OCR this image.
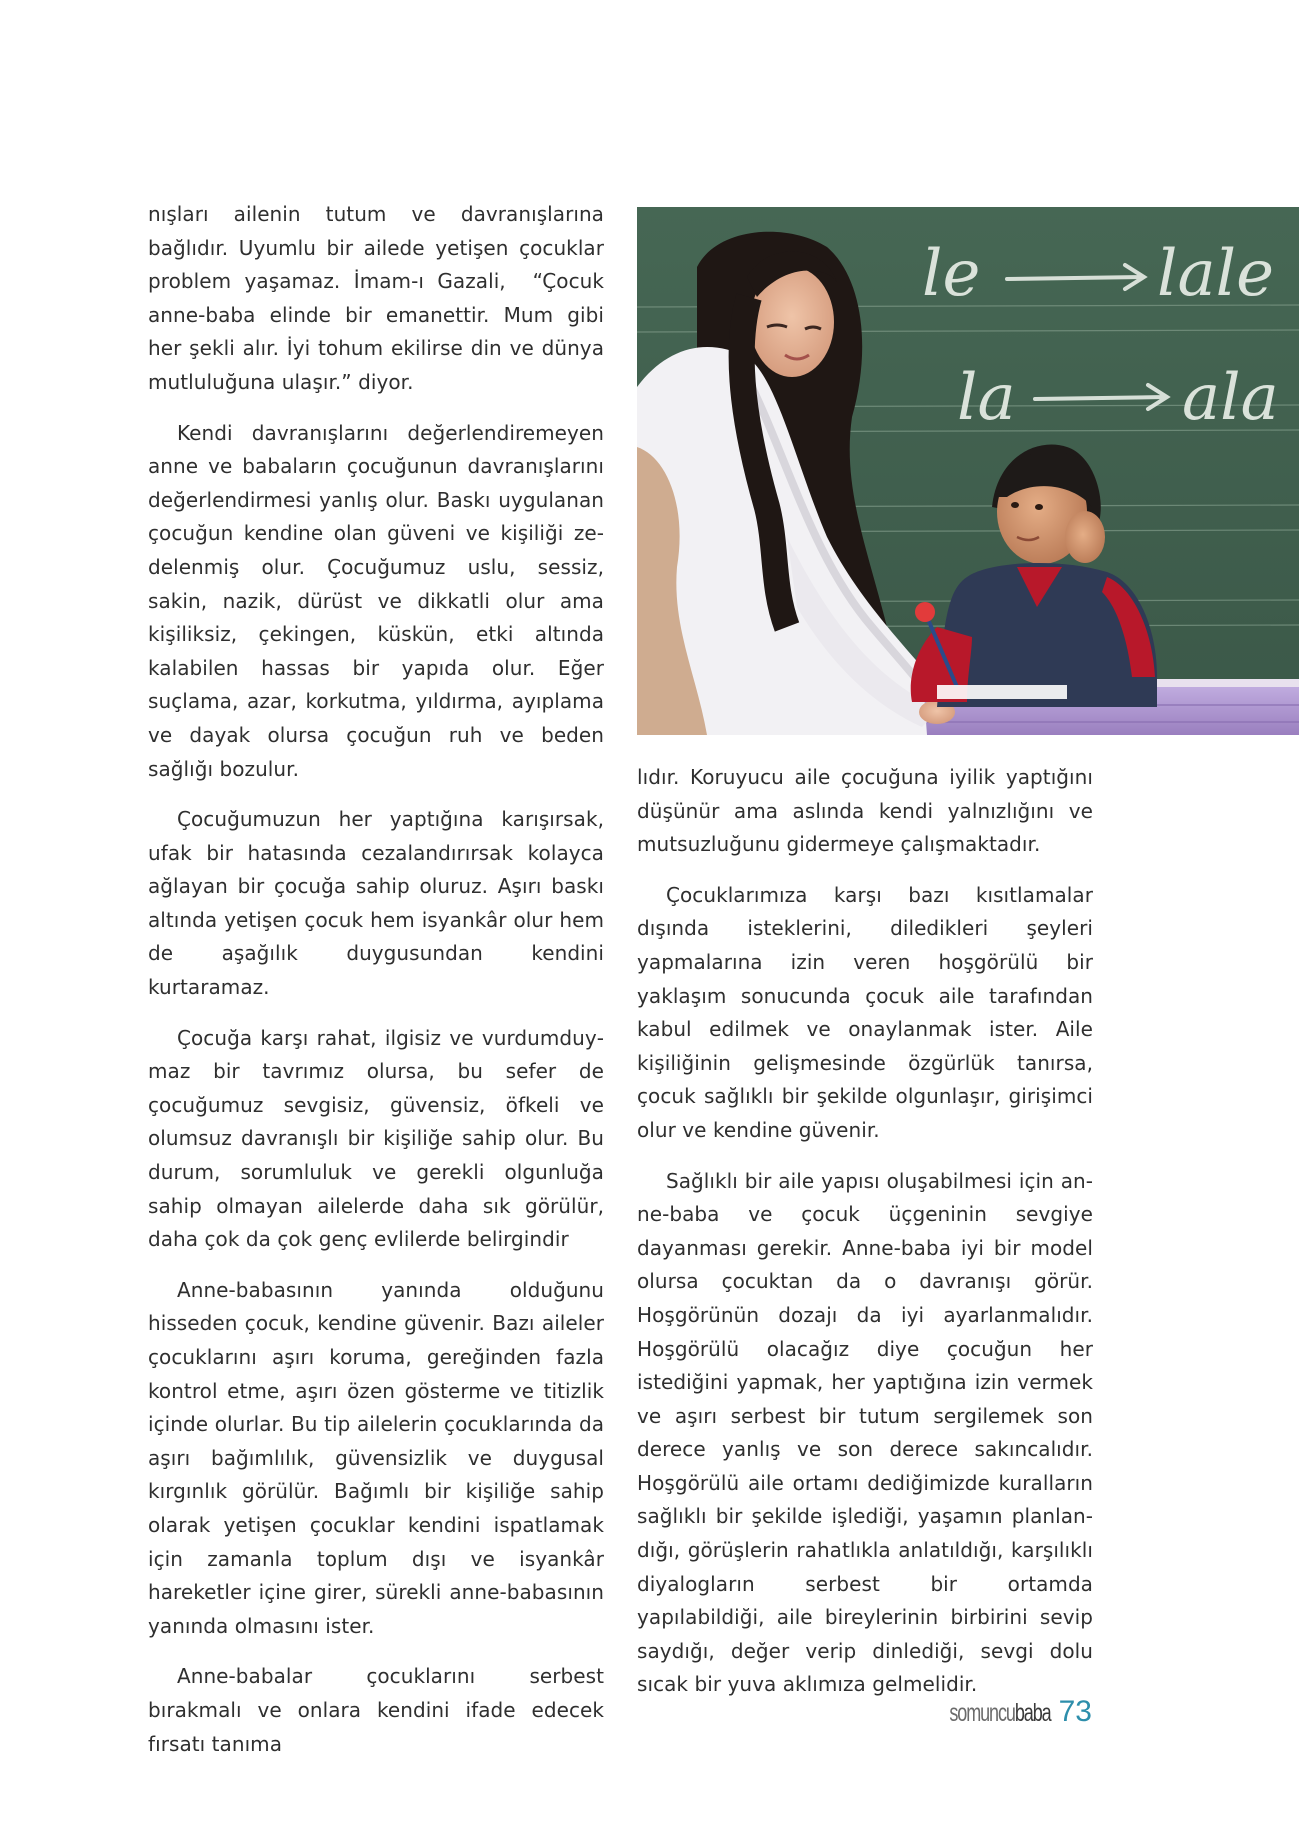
nışları ailenin tutum ve davranışlarına bağlıdır. Uyumlu bir ailede yetişen çocuklar problem yaşamaz. İmam-ı Gazali,  “Çocuk anne-baba elinde bir emanettir. Mum gibi her şekli alır. İyi tohum ekilirse din ve dünya mutluluğuna ulaşır.” diyor.

Kendi davranışlarını değerlendiremeyen anne ve babaların çocuğunun davranışlarını değerlendirmesi yanlış olur. Baskı uygulanan çocuğun kendine olan güveni ve kişiliği zedelenmiş olur. Çocuğumuz uslu, sessiz, sakin, nazik, dürüst ve dikkatli olur ama kişiliksiz, çekingen, küskün, etki altında kalabilen hassas bir yapıda olur. Eğer suçlama, azar, korkutma, yıldırma, ayıplama ve dayak olursa çocuğun ruh ve beden sağlığı bozulur.

Çocuğumuzun her yaptığına karışırsak, ufak bir hatasında cezalandırırsak kolayca ağlayan bir çocuğa sahip oluruz. Aşırı baskı altında yetişen çocuk hem isyankâr olur hem de aşağılık duygusundan kendini kurtaramaz.

Çocuğa karşı rahat, ilgisiz ve vurdumduymaz bir tavrımız olursa, bu sefer de çocuğumuz sevgisiz, güvensiz, öfkeli ve olumsuz davranışlı bir kişiliğe sahip olur. Bu durum, sorumluluk ve gerekli olgunluğa sahip olmayan ailelerde daha sık görülür, daha çok da çok genç evlilerde belirgindir

Anne-babasının yanında olduğunu hisseden çocuk, kendine güvenir. Bazı aileler çocuklarını aşırı koruma, gereğinden fazla kontrol etme, aşırı özen gösterme ve titizlik içinde olurlar. Bu tip ailelerin çocuklarında da aşırı bağımlılık, güvensizlik ve duygusal kırgınlık görülür. Bağımlı bir kişiliğe sahip olarak yetişen çocuklar kendini ispatlamak için zamanla toplum dışı ve isyankâr hareketler içine girer, sürekli anne-babasının yanında olmasını ister.

Anne-babalar çocuklarını serbest bırakmalı ve onlara kendini ifade edecek fırsatı tanıma

le	lale
la	ala

lıdır. Koruyucu aile çocuğuna iyilik yaptığını düşünür ama aslında kendi yalnızlığını ve mutsuzluğunu gidermeye çalışmaktadır.

Çocuklarımıza karşı bazı kısıtlamalar dışında isteklerini, diledikleri şeyleri yapmalarına izin veren hoşgörülü bir yaklaşım sonucunda çocuk aile tarafından kabul edilmek ve onaylanmak ister. Aile kişiliğinin gelişmesinde özgürlük tanırsa, çocuk sağlıklı bir şekilde olgunlaşır, girişimci olur ve kendine güvenir.

Sağlıklı bir aile yapısı oluşabilmesi için anne-baba ve çocuk üçgeninin sevgiye dayanması gerekir. Anne-baba iyi bir model olursa çocuktan da o davranışı görür. Hoşgörünün dozajı da iyi ayarlanmalıdır. Hoşgörülü olacağız diye çocuğun her istediğini yapmak, her yaptığına izin vermek ve aşırı serbest bir tutum sergilemek son derece yanlış ve son derece sakıncalıdır. Hoşgörülü aile ortamı dediğimizde kuralların sağlıklı bir şekilde işlediği, yaşamın planlandığı, görüşlerin rahatlıkla anlatıldığı, karşılıklı diyalogların serbest bir ortamda yapılabildiği, aile bireylerinin birbirini sevip saydığı, değer verip dinlediği, sevgi dolu sıcak bir yuva aklımıza gelmelidir.

somuncubaba 73
